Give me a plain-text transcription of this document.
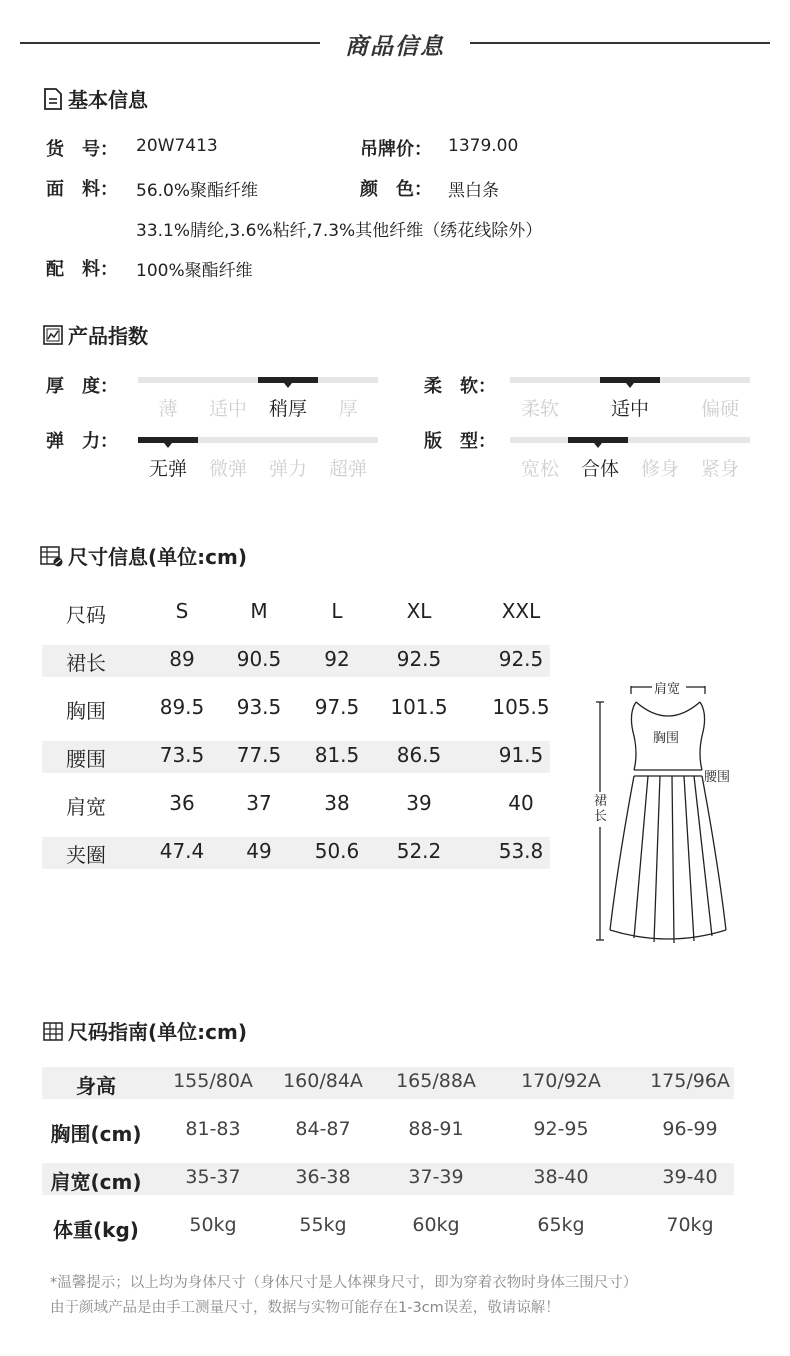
商品信息
基本信息
货　号： 20W7413	吊牌价： 1379.00
面　料： 56.0%聚酯纤维	颜　色： 黑白条
33.1%腈纶,3.6%粘纤,7.3%其他纤维（绣花线除外）
配　料： 100%聚酯纤维
产品指数
厚　度：
薄	适中	稍厚	厚
柔　软：
柔软	适中	偏硬
弹　力：
无弹	微弹	弹力	超弹
版　型：
宽松	合体	修身	紧身
尺寸信息(单位:cm)
尺码	S	M	L	XL	XXL
裙长	89	90.5	92	92.5	92.5
胸围	89.5	93.5	97.5	101.5	105.5
腰围	73.5	77.5	81.5	86.5	91.5
肩宽	36	37	38	39	40
夹圈	47.4	49	50.6	52.2	53.8
肩宽
胸围
腰围
裙长
尺码指南(单位:cm)
身高	155/80A	160/84A	165/88A	170/92A	175/96A
胸围(cm)	81-83	84-87	88-91	92-95	96-99
肩宽(cm)	35-37	36-38	37-39	38-40	39-40
体重(kg)	50kg	55kg	60kg	65kg	70kg
*温馨提示；以上均为身体尺寸（身体尺寸是人体裸身尺寸，即为穿着衣物时身体三围尺寸）
由于颜域产品是由手工测量尺寸，数据与实物可能存在1-3cm误差，敬请谅解！
